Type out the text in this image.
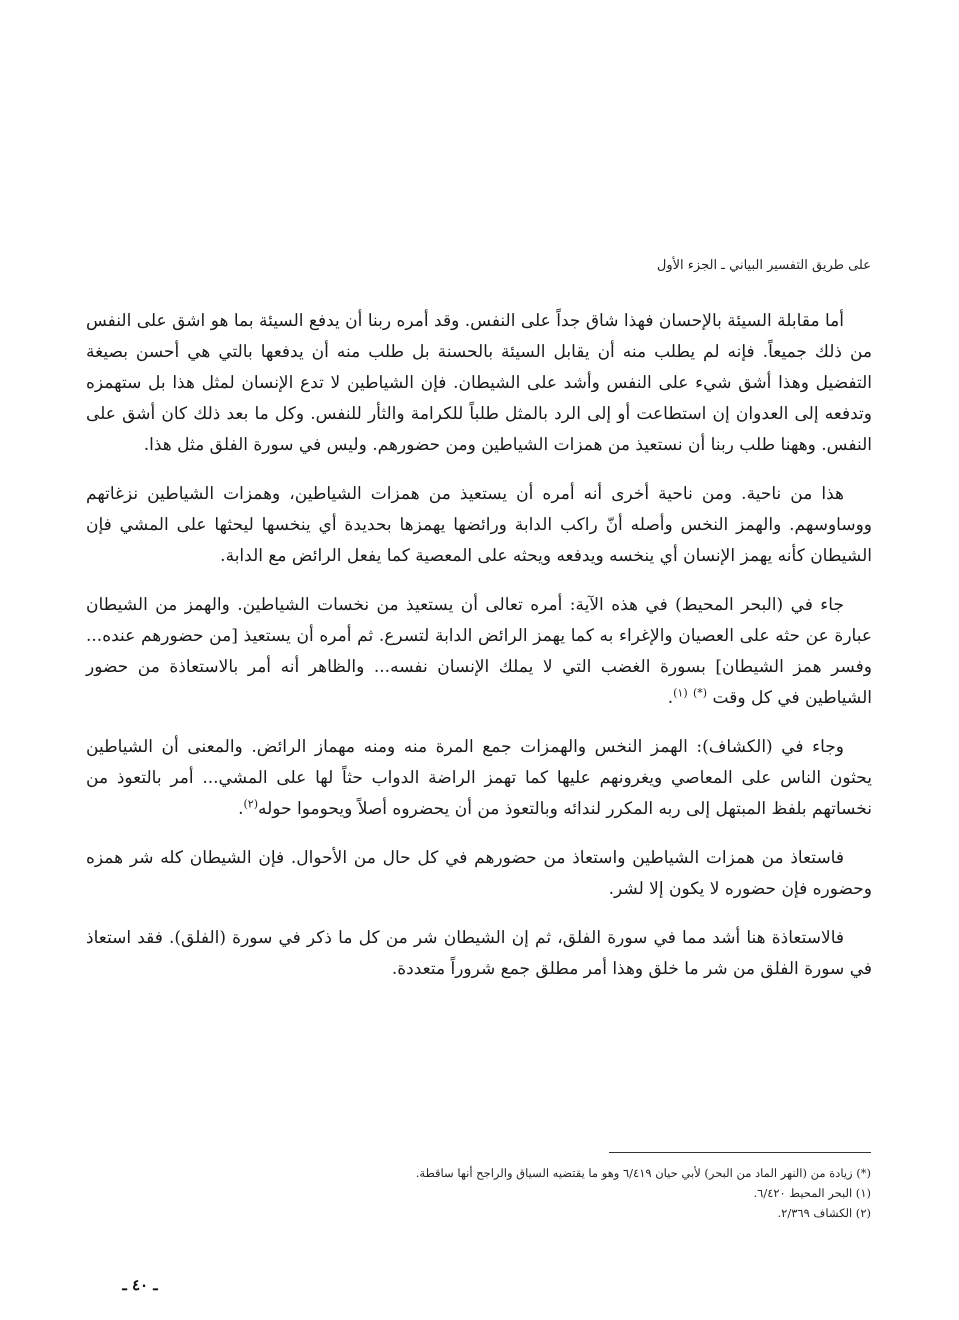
على طريق التفسير البياني ـ الجزء الأول

أما مقابلة السيئة بالإحسان فهذا شاق جداً على النفس. وقد أمره ربنا أن يدفع السيئة بما هو اشق على النفس من ذلك جميعاً. فإنه لم يطلب منه أن يقابل السيئة بالحسنة بل طلب منه أن يدفعها بالتي هي أحسن بصيغة التفضيل وهذا أشق شيء على النفس وأشد على الشيطان. فإن الشياطين لا تدع الإنسان لمثل هذا بل ستهمزه وتدفعه إلى العدوان إن استطاعت أو إلى الرد بالمثل طلباً للكرامة والثأر للنفس. وكل ما بعد ذلك كان أشق على النفس. وههنا طلب ربنا أن نستعيذ من همزات الشياطين ومن حضورهم. وليس في سورة الفلق مثل هذا.

هذا من ناحية. ومن ناحية أخرى أنه أمره أن يستعيذ من همزات الشياطين، وهمزات الشياطين نزغاتهم ووساوسهم. والهمز النخس وأصله أنّ راكب الدابة ورائضها يهمزها بحديدة أي ينخسها ليحثها على المشي فإن الشيطان كأنه يهمز الإنسان أي ينخسه ويدفعه ويحثه على المعصية كما يفعل الرائض مع الدابة.

جاء في (البحر المحيط) في هذه الآية: أمره تعالى أن يستعيذ من نخسات الشياطين. والهمز من الشيطان عبارة عن حثه على العصيان والإغراء به كما يهمز الرائض الدابة لتسرع. ثم أمره أن يستعيذ [من حضورهم عنده... وفسر همز الشيطان] بسورة الغضب التي لا يملك الإنسان نفسه... والظاهر أنه أمر بالاستعاذة من حضور الشياطين في كل وقت (*) $^{(١)}$.

وجاء في (الكشاف): الهمز النخس والهمزات جمع المرة منه ومنه مهماز الرائض. والمعنى أن الشياطين يحثون الناس على المعاصي ويغرونهم عليها كما تهمز الراضة الدواب حثاً لها على المشي... أمر بالتعوذ من نخساتهم بلفظ المبتهل إلى ربه المكرر لندائه وبالتعوذ من أن يحضروه أصلاً ويحوموا حوله$^{(٢)}$.

فاستعاذ من همزات الشياطين واستعاذ من حضورهم في كل حال من الأحوال. فإن الشيطان كله شر همزه وحضوره فإن حضوره لا يكون إلا لشر.

فالاستعاذة هنا أشد مما في سورة الفلق، ثم إن الشيطان شر من كل ما ذكر في سورة (الفلق). فقد استعاذ في سورة الفلق من شر ما خلق وهذا أمر مطلق جمع شروراً متعددة.

(*) زيادة من (النهر الماد من البحر) لأبي حيان ٦/٤١٩ وهو ما يقتضيه السياق والراجح أنها ساقطة.
(١) البحر المحيط ٦/٤٢٠.
(٢) الكشاف ٢/٣٦٩.
ـ ٤٠ ـ
